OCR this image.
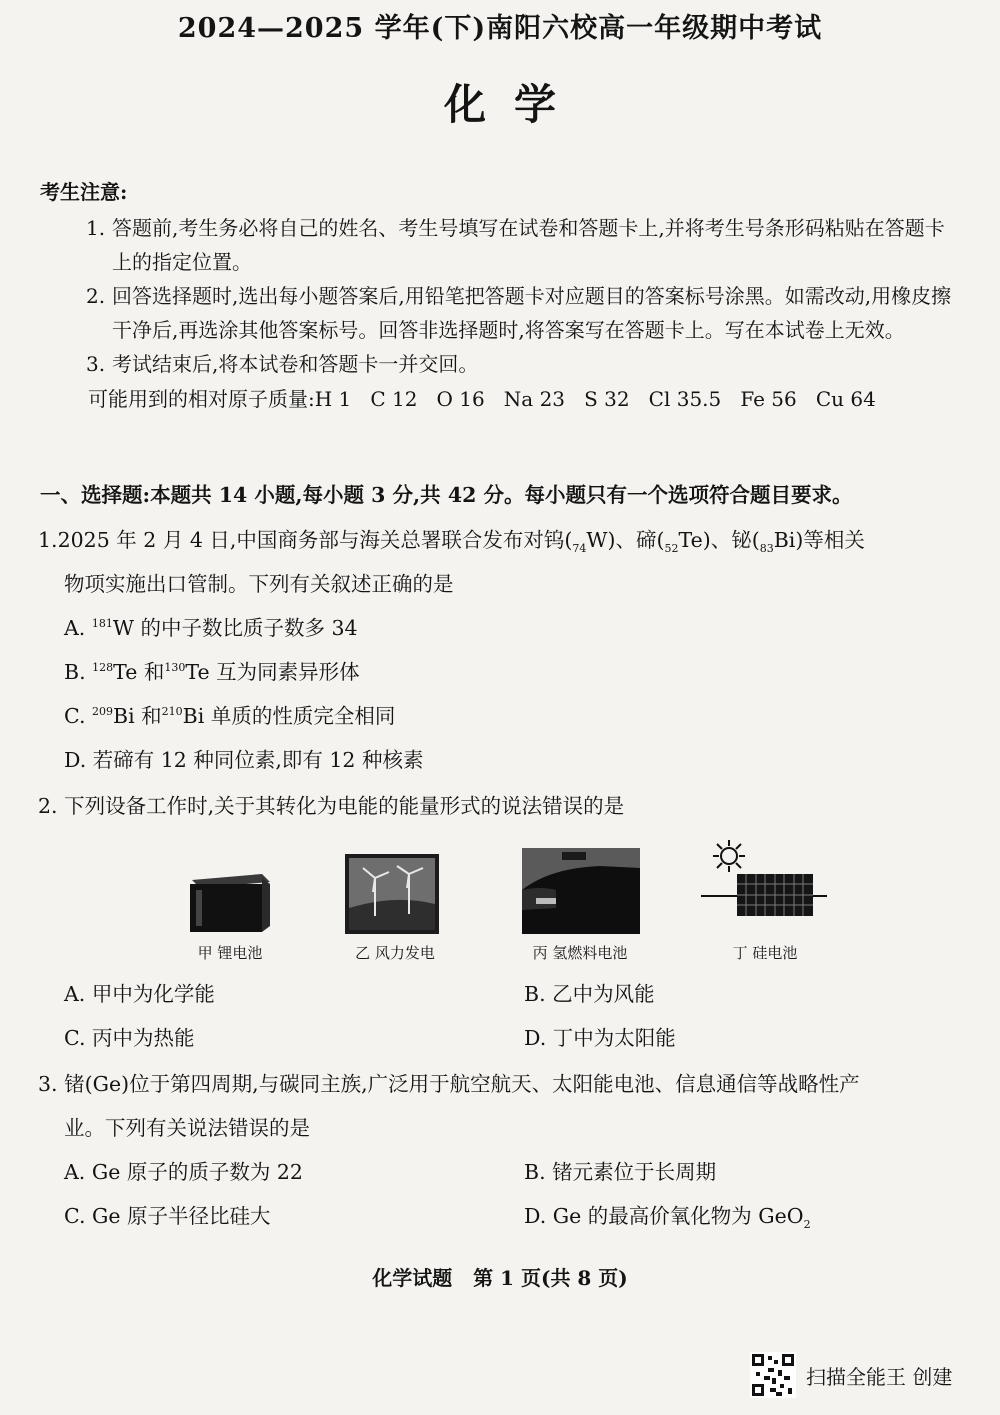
2024—2025 学年(下)南阳六校高一年级期中考试
化学
考生注意:
1. 答题前,考生务必将自己的姓名、考生号填写在试卷和答题卡上,并将考生号条形码粘贴在答题卡上的指定位置。
2. 回答选择题时,选出每小题答案后,用铅笔把答题卡对应题目的答案标号涂黑。如需改动,用橡皮擦干净后,再选涂其他答案标号。回答非选择题时,将答案写在答题卡上。写在本试卷上无效。
3. 考试结束后,将本试卷和答题卡一并交回。
可能用到的相对原子质量:H 1   C 12   O 16   Na 23   S 32   Cl 35.5   Fe 56   Cu 64
一、选择题:本题共 14 小题,每小题 3 分,共 42 分。每小题只有一个选项符合题目要求。
1.2025 年 2 月 4 日,中国商务部与海关总署联合发布对钨$(_{74}W)$、碲$(_{52}Te)$、铋$(_{83}Bi)$等相关
物项实施出口管制。下列有关叙述正确的是
A. $^{181}$W 的中子数比质子数多 34
B. $^{128}$Te 和$^{130}$Te 互为同素异形体
C. $^{209}$Bi 和$^{210}$Bi 单质的性质完全相同
D. 若碲有 12 种同位素,即有 12 种核素
2. 下列设备工作时,关于其转化为电能的能量形式的说法错误的是
甲 锂电池	乙 风力发电	丙 氢燃料电池	丁 硅电池
A. 甲中为化学能	B. 乙中为风能
C. 丙中为热能	D. 丁中为太阳能
3. 锗(Ge)位于第四周期,与碳同主族,广泛用于航空航天、太阳能电池、信息通信等战略性产
业。下列有关说法错误的是
A. Ge 原子的质子数为 22	B. 锗元素位于长周期
C. Ge 原子半径比硅大	D. Ge 的最高价氧化物为 GeO$_2$
化学试题   第 1 页(共 8 页)
扫描全能王 创建
